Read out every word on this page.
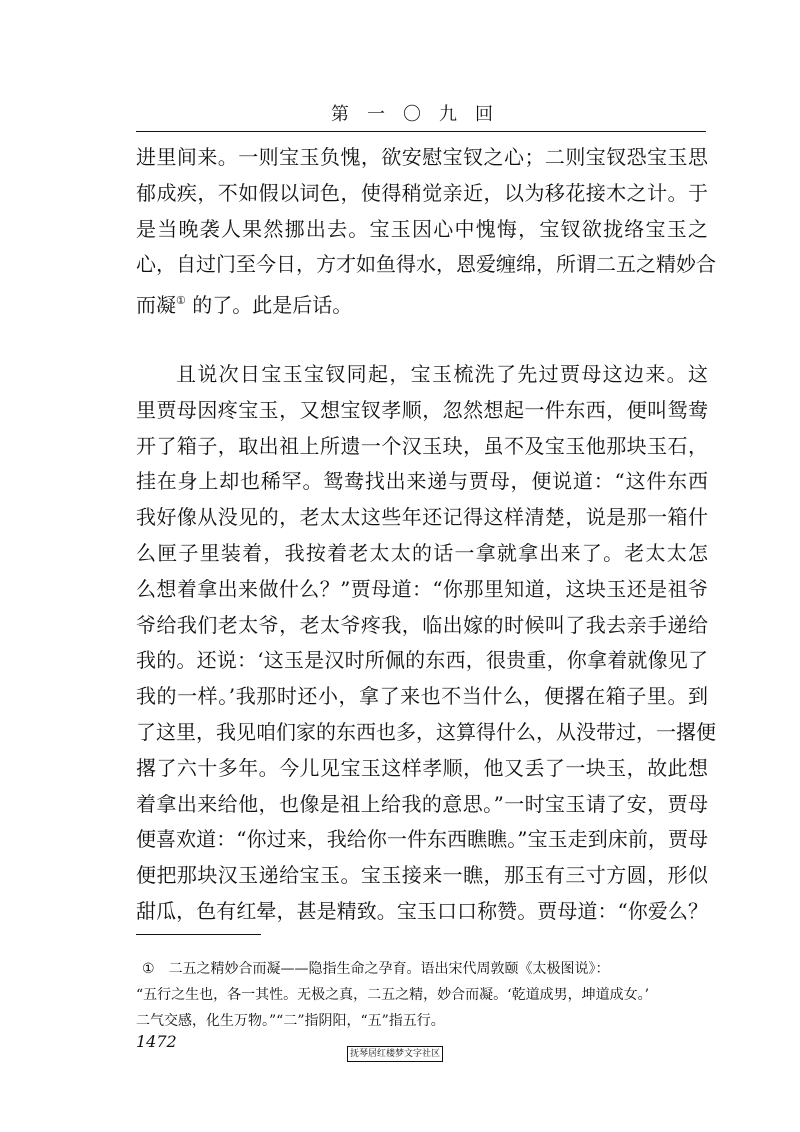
第一〇九回
进里间来。一则宝玉负愧，欲安慰宝钗之心；二则宝钗恐宝玉思
郁成疾，不如假以词色，使得稍觉亲近，以为移花接木之计。于
是当晚袭人果然挪出去。宝玉因心中愧悔，宝钗欲拢络宝玉之
心，自过门至今日，方才如鱼得水，恩爱缠绵，所谓二五之精妙合
而凝① 的了。此是后话。
且说次日宝玉宝钗同起，宝玉梳洗了先过贾母这边来。这
里贾母因疼宝玉，又想宝钗孝顺，忽然想起一件东西，便叫鸳鸯
开了箱子，取出祖上所遗一个汉玉玦，虽不及宝玉他那块玉石，
挂在身上却也稀罕。鸳鸯找出来递与贾母，便说道：“这件东西
我好像从没见的，老太太这些年还记得这样清楚，说是那一箱什
么匣子里装着，我按着老太太的话一拿就拿出来了。老太太怎
么想着拿出来做什么？”贾母道：“你那里知道，这块玉还是祖爷
爷给我们老太爷，老太爷疼我，临出嫁的时候叫了我去亲手递给
我的。还说：‘这玉是汉时所佩的东西，很贵重，你拿着就像见了
我的一样。’我那时还小，拿了来也不当什么，便撂在箱子里。到
了这里，我见咱们家的东西也多，这算得什么，从没带过，一撂便
撂了六十多年。今儿见宝玉这样孝顺，他又丢了一块玉，故此想
着拿出来给他，也像是祖上给我的意思。”一时宝玉请了安，贾母
便喜欢道：“你过来，我给你一件东西瞧瞧。”宝玉走到床前，贾母
便把那块汉玉递给宝玉。宝玉接来一瞧，那玉有三寸方圆，形似
甜瓜，色有红晕，甚是精致。宝玉口口称赞。贾母道：“你爱么？
① 二五之精妙合而凝——隐指生命之孕育。语出宋代周敦颐《太极图说》：
“五行之生也，各一其性。无极之真，二五之精，妙合而凝。‘乾道成男，坤道成女。’
二气交感，化生万物。”“二”指阴阳，“五”指五行。
1472
抚琴居红楼梦文字社区
